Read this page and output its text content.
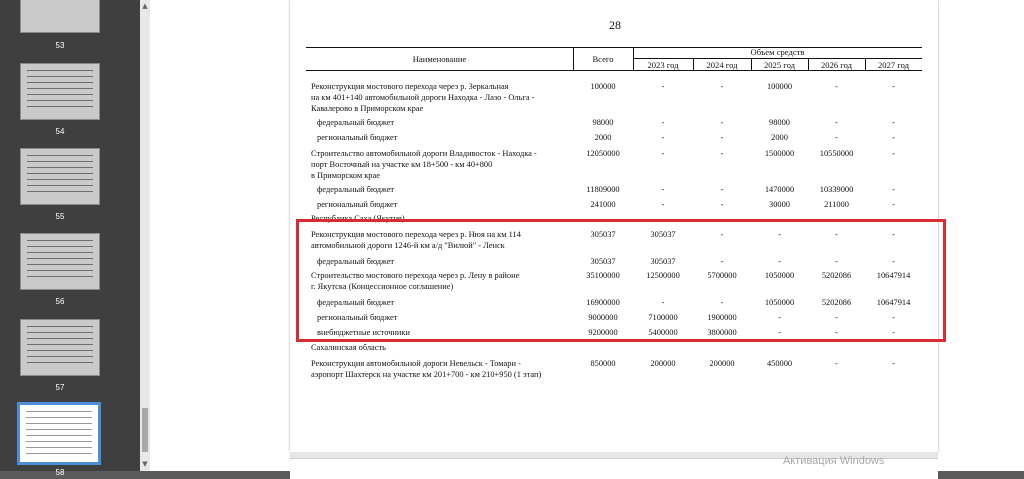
53
54
55
56
57
58
▲
▼
28
Наименование	Всего
Объем средств
2023 год	2024 год	2025 год	2026 год	2027 год
Реконструкция мостового перехода через р. Зеркальная
на км 401+140 автомобильной дороги Находка - Лазо - Ольга -
Кавалерово в Приморском крае
100000	-	-	100000	-	-
федеральный бюджет	98000	-	-	98000	-	-
региональный бюджет	2000	-	-	2000	-	-
Строительство автомобильной дороги Владивосток - Находка -
порт Восточный на участке км 18+500 - км 40+800
в Приморском крае
12050000	-	-	1500000	10550000	-
федеральный бюджет	11809000	-	-	1470000	10339000	-
региональный бюджет	241000	-	-	30000	211000	-
Республика Саха (Якутия)
Реконструкция мостового перехода через р. Нюя на км 114
автомобильной дороги 1246-й км а/д "Вилюй" - Ленск
305037	305037	-	-	-	-
федеральный бюджет	305037	305037	-	-	-	-
Строительство мостового перехода через р. Лену в районе
г. Якутска (Концессионное соглашение)
35100000	12500000	5700000	1050000	5202086	10647914
федеральный бюджет	16900000	-	-	1050000	5202086	10647914
региональный бюджет	9000000	7100000	1900000	-	-	-
внебюджетные источники	9200000	5400000	3800000	-	-	-
Сахалинская область
Реконструкция автомобильной дороги Невельск - Томари -
аэропорт Шахтерск на участке км 201+700 - км 210+950 (1 этап)
850000	200000	200000	450000	-	-
Активация Windows
